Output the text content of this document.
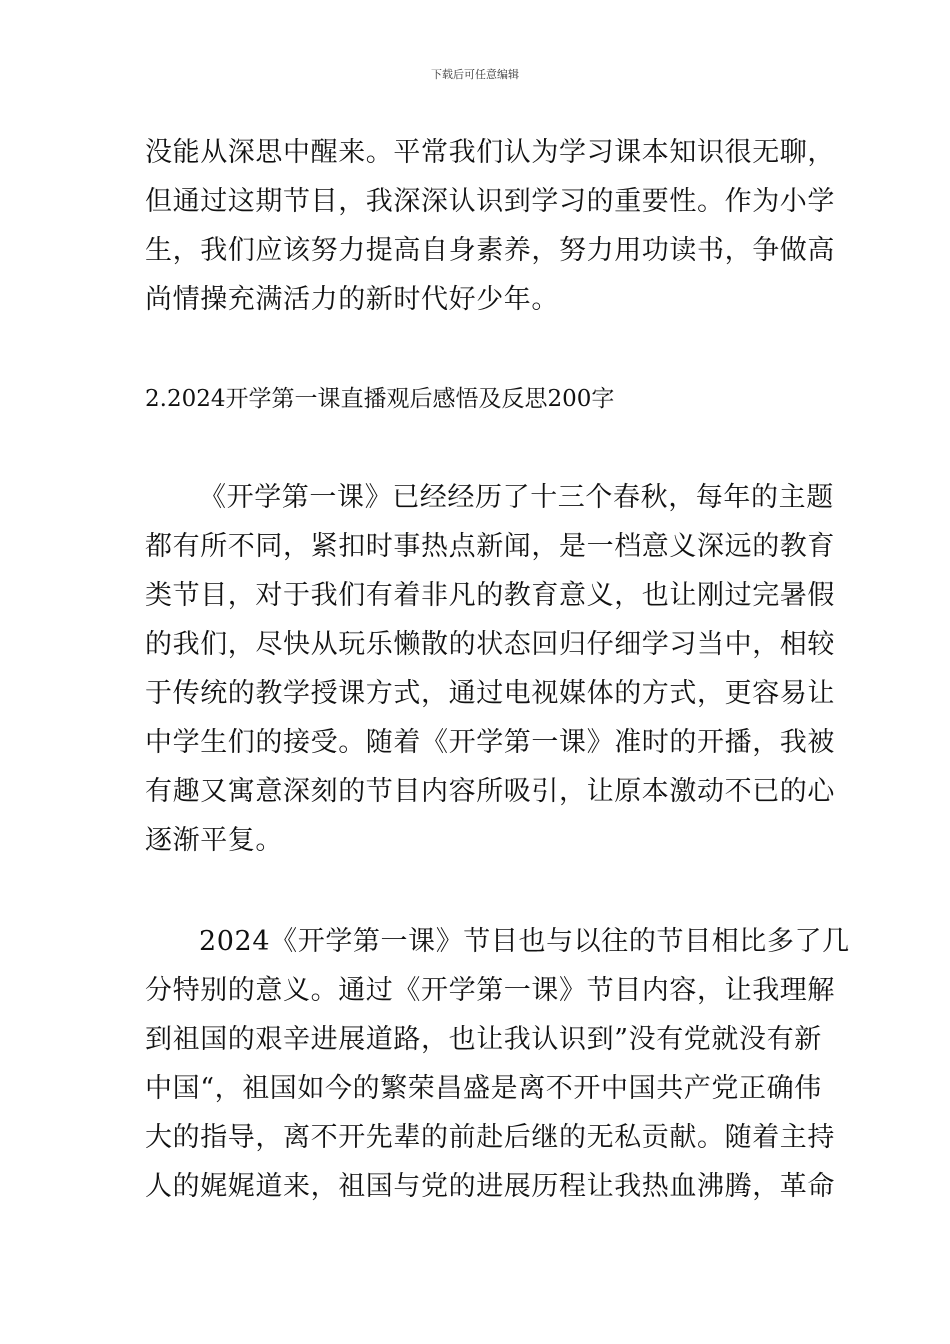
下载后可任意编辑
没能从深思中醒来。平常我们认为学习课本知识很无聊，
但通过这期节目，我深深认识到学习的重要性。作为小学
生，我们应该努力提高自身素养，努力用功读书，争做高
尚情操充满活力的新时代好少年。
2.2024开学第一课直播观后感悟及反思200字
《开学第一课》已经经历了十三个春秋，每年的主题
都有所不同，紧扣时事热点新闻，是一档意义深远的教育
类节目，对于我们有着非凡的教育意义，也让刚过完暑假
的我们，尽快从玩乐懒散的状态回归仔细学习当中，相较
于传统的教学授课方式，通过电视媒体的方式，更容易让
中学生们的接受。随着《开学第一课》准时的开播，我被
有趣又寓意深刻的节目内容所吸引，让原本激动不已的心
逐渐平复。
2024《开学第一课》节目也与以往的节目相比多了几
分特别的意义。通过《开学第一课》节目内容，让我理解
到祖国的艰辛进展道路，也让我认识到”没有党就没有新
中国“，祖国如今的繁荣昌盛是离不开中国共产党正确伟
大的指导，离不开先辈的前赴后继的无私贡献。随着主持
人的娓娓道来，祖国与党的进展历程让我热血沸腾，革命
